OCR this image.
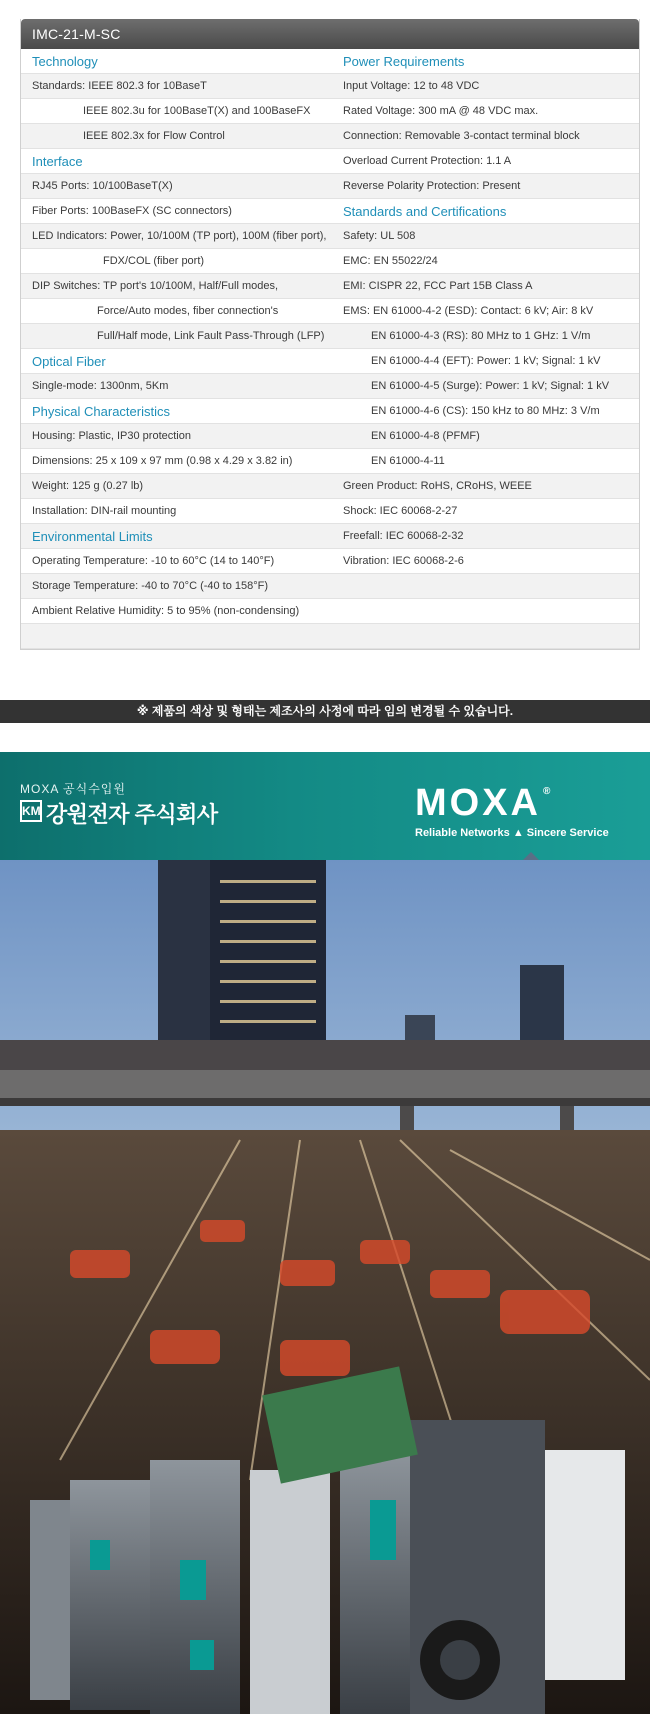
IMC-21-M-SC
Technology
Standards: IEEE 802.3 for 10BaseT
IEEE 802.3u for 100BaseT(X) and 100BaseFX
IEEE 802.3x for Flow Control
Interface
RJ45 Ports: 10/100BaseT(X)
Fiber Ports: 100BaseFX (SC connectors)
LED Indicators: Power, 10/100M (TP port), 100M (fiber port),
FDX/COL (fiber port)
DIP Switches: TP port's 10/100M, Half/Full modes,
Force/Auto modes, fiber connection's
Full/Half mode, Link Fault Pass-Through (LFP)
Optical Fiber
Single-mode: 1300nm, 5Km
Physical Characteristics
Housing: Plastic, IP30 protection
Dimensions: 25 x 109 x 97 mm (0.98 x 4.29 x 3.82 in)
Weight: 125 g (0.27 lb)
Installation: DIN-rail mounting
Environmental Limits
Operating Temperature: -10 to 60°C (14 to 140°F)
Storage Temperature: -40 to 70°C (-40 to 158°F)
Ambient Relative Humidity: 5 to 95% (non-condensing)
Power Requirements
Input Voltage: 12 to 48 VDC
Rated Voltage: 300 mA @ 48 VDC max.
Connection: Removable 3-contact terminal block
Overload Current Protection: 1.1 A
Reverse Polarity Protection: Present
Standards and Certifications
Safety: UL 508
EMC: EN 55022/24
EMI: CISPR 22, FCC Part 15B Class A
EMS: EN 61000-4-2 (ESD): Contact: 6 kV; Air: 8 kV
EN 61000-4-3 (RS): 80 MHz to 1 GHz: 1 V/m
EN 61000-4-4 (EFT): Power: 1 kV; Signal: 1 kV
EN 61000-4-5 (Surge): Power: 1 kV; Signal: 1 kV
EN 61000-4-6 (CS): 150 kHz to 80 MHz: 3 V/m
EN 61000-4-8 (PFMF)
EN 61000-4-11
Green Product: RoHS, CRoHS, WEEE
Shock: IEC 60068-2-27
Freefall: IEC 60068-2-32
Vibration: IEC 60068-2-6
※ 제품의 색상 및 형태는 제조사의 사정에 따라 임의 변경될 수 있습니다.
MOXA 공식수입원
KM 강원전자 주식회사	MOXA ®
Reliable Networks ▲ Sincere Service
